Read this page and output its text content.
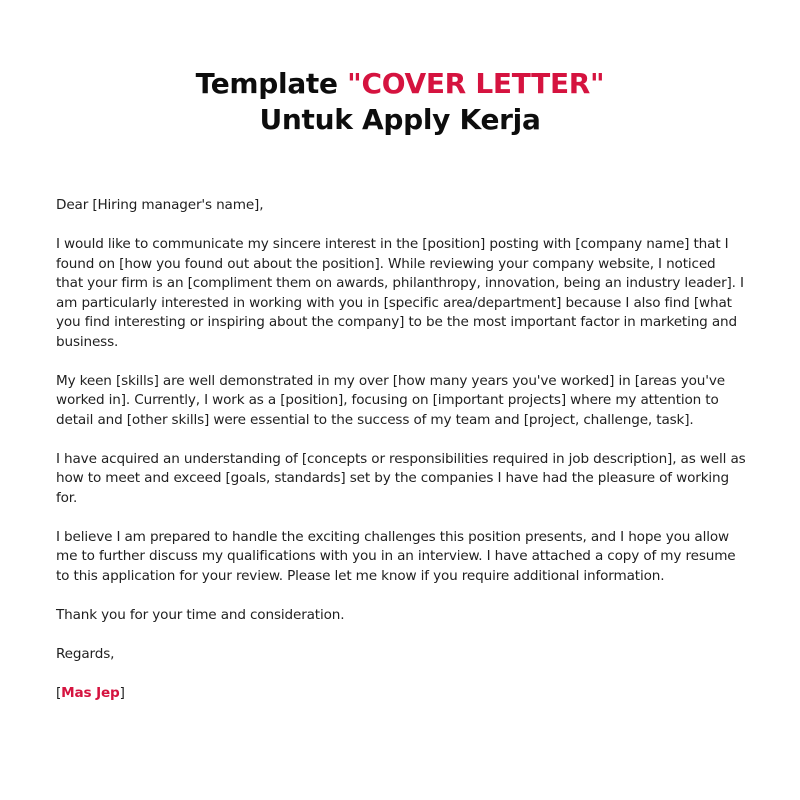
Template "COVER LETTER"
Untuk Apply Kerja

Dear [Hiring manager's name],

I would like to communicate my sincere interest in the [position] posting with [company name] that I found on [how you found out about the position]. While reviewing your company website, I noticed that your firm is an [compliment them on awards, philanthropy, innovation, being an industry leader]. I am particularly interested in working with you in [specific area/department] because I also find [what you find interesting or inspiring about the company] to be the most important factor in marketing and business.

My keen [skills] are well demonstrated in my over [how many years you've worked] in [areas you've worked in]. Currently, I work as a [position], focusing on [important projects] where my attention to detail and [other skills] were essential to the success of my team and [project, challenge, task].

I have acquired an understanding of [concepts or responsibilities required in job description], as well as how to meet and exceed [goals, standards] set by the companies I have had the pleasure of working for.

I believe I am prepared to handle the exciting challenges this position presents, and I hope you allow me to further discuss my qualifications with you in an interview. I have attached a copy of my resume to this application for your review. Please let me know if you require additional information.

Thank you for your time and consideration.

Regards,

[Mas Jep]
